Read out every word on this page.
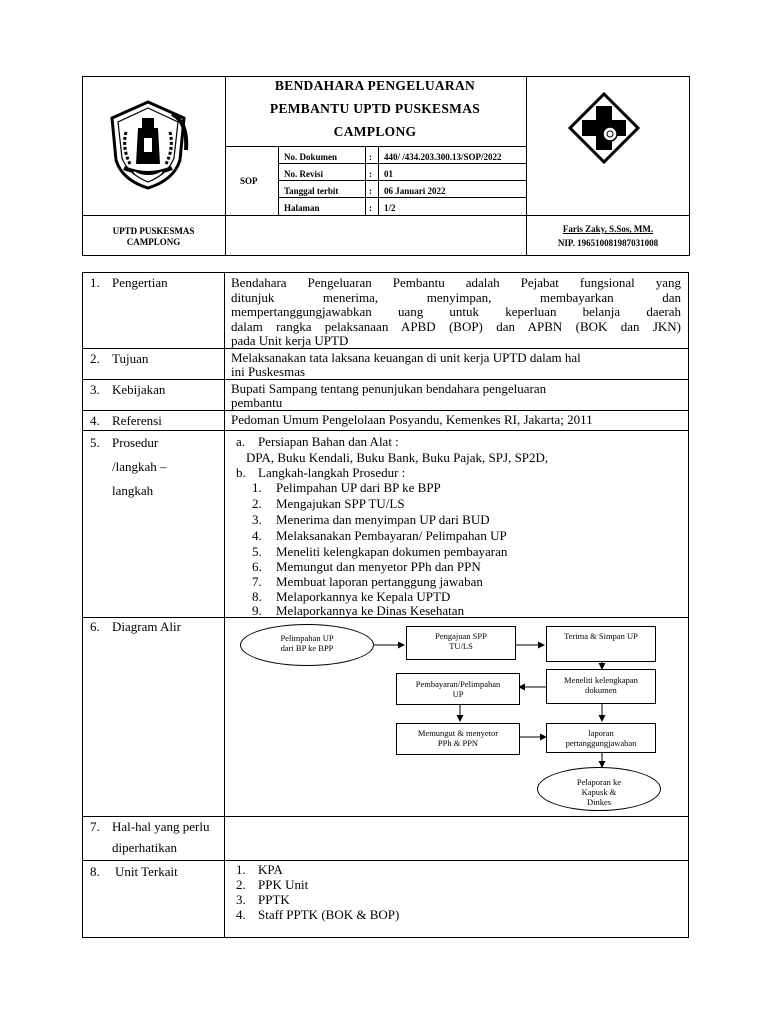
BENDAHARA PENGELUARAN
PEMBANTU UPTD PUSKESMAS
CAMPLONG
SOP
No. Dokumen	: 440/ /434.203.300.13/SOP/2022
No. Revisi	: 01
Tanggal terbit	: 06 Januari 2022
Halaman	: 1/2
UPTD PUSKESMAS
CAMPLONG
Faris Zaky, S.Sos, MM.
NIP. 196510081987031008
1. Pengertian	Bendahara Pengeluaran Pembantu adalah Pejabat fungsional yang
ditunjuk menerima, menyimpan, membayarkan dan
mempertanggungjawabkan uang untuk keperluan belanja daerah
dalam rangka pelaksanaan APBD (BOP) dan APBN (BOK dan JKN)
pada Unit kerja UPTD
2. Tujuan	Melaksanakan tata laksana keuangan di unit kerja UPTD dalam hal
ini Puskesmas
3. Kebijakan	Bupati Sampang tentang penunjukan bendahara pengeluaran
pembantu
4. Referensi	Pedoman Umum Pengelolaan Posyandu, Kemenkes RI, Jakarta; 2011
5. Prosedur
/langkah –
langkah
a. Persiapan Bahan dan Alat :
DPA, Buku Kendali, Buku Bank, Buku Pajak, SPJ, SP2D,
b. Langkah-langkah Prosedur :
1. Pelimpahan UP dari BP ke BPP
2. Mengajukan SPP TU/LS
3. Menerima dan menyimpan UP dari BUD
4. Melaksanakan Pembayaran/ Pelimpahan UP
5. Meneliti kelengkapan dokumen pembayaran
6. Memungut dan menyetor PPh dan PPN
7. Membuat laporan pertanggung jawaban
8. Melaporkannya ke Kepala UPTD
9. Melaporkannya ke Dinas Kesehatan
6. Diagram Alir
Pelimpahan UP
dari BP ke BPP
Pengajuan SPP
TU/LS
Terima & Simpan UP
Meneliti kelengkapan
dokumen
Pembayaran/Pelimpahan
UP
Memungut & menyetor
PPh & PPN
laporan
pertanggungjawaban
Pelaporan ke
Kapusk &
Dinkes
7. Hal-hal yang perlu
diperhatikan
8. Unit Terkait	1. KPA
2. PPK Unit
3. PPTK
4. Staff PPTK (BOK & BOP)
